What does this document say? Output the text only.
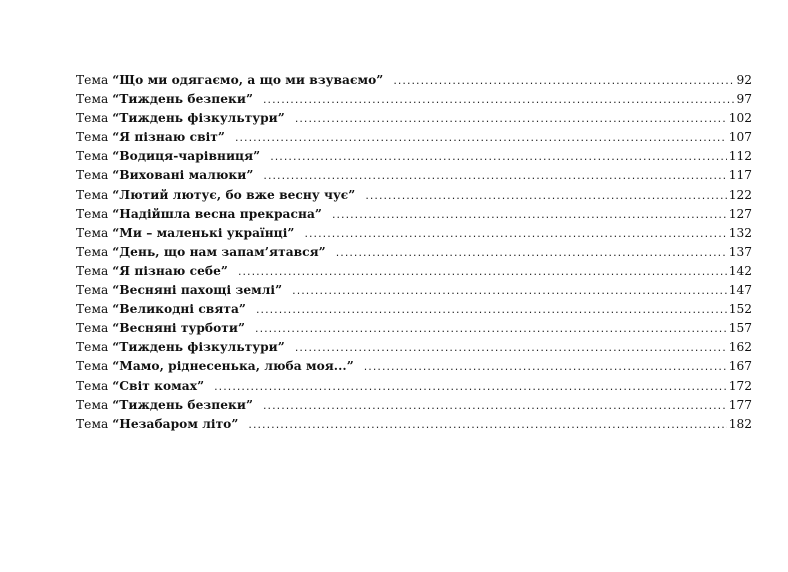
Тема “Що ми одягаємо, а що ми взуваємо” .....	92
Тема “Тиждень безпеки” .....	97
Тема “Тиждень фізкультури” .....	102
Тема “Я пізнаю світ” .....	107
Тема “Водиця-чарівниця” .....	112
Тема “Виховані малюки” .....	117
Тема “Лютий лютує, бо вже весну чує” .....	122
Тема “Надійшла весна прекрасна” .....	127
Тема “Ми – маленькі українці” .....	132
Тема “День, що нам запам’ятався” .....	137
Тема “Я пізнаю себе” .....	142
Тема “Весняні пахощі землі” .....	147
Тема “Великодні свята” .....	152
Тема “Весняні турботи” .....	157
Тема “Тиждень фізкультури” .....	162
Тема “Мамо, ріднесенька, люба моя...” .....	167
Тема “Світ комах” .....	172
Тема “Тиждень безпеки” .....	177
Тема “Незабаром літо” .....	182
